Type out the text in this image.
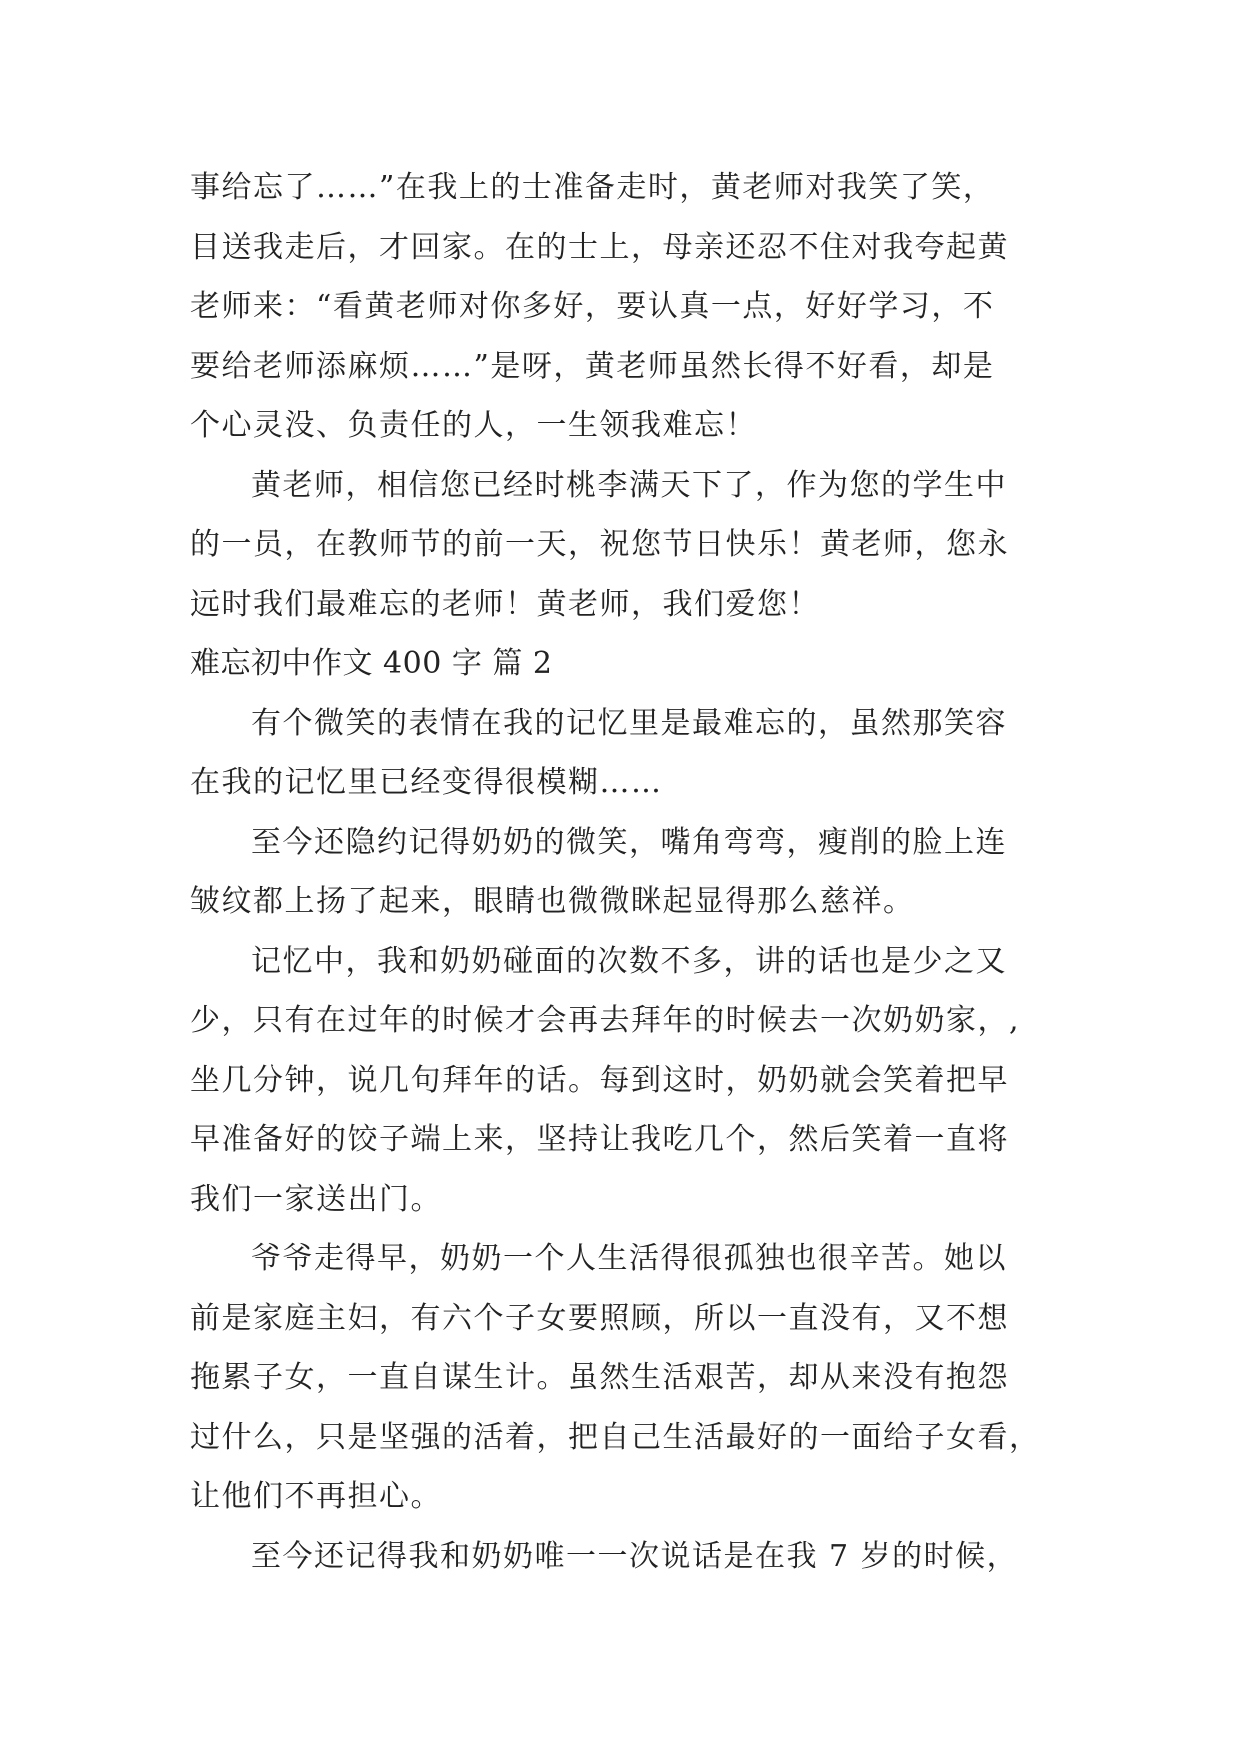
事给忘了……”在我上的士准备走时，黄老师对我笑了笑，
目送我走后，才回家。在的士上，母亲还忍不住对我夸起黄
老师来：“看黄老师对你多好，要认真一点，好好学习，不
要给老师添麻烦……”是呀，黄老师虽然长得不好看，却是
个心灵没、负责任的人，一生领我难忘！
黄老师，相信您已经时桃李满天下了，作为您的学生中
的一员，在教师节的前一天，祝您节日快乐！黄老师，您永
远时我们最难忘的老师！黄老师，我们爱您！
难忘初中作文 400 字 篇 2
有个微笑的表情在我的记忆里是最难忘的，虽然那笑容
在我的记忆里已经变得很模糊……
至今还隐约记得奶奶的微笑，嘴角弯弯，瘦削的脸上连
皱纹都上扬了起来，眼睛也微微眯起显得那么慈祥。
记忆中，我和奶奶碰面的次数不多，讲的话也是少之又
少，只有在过年的时候才会再去拜年的时候去一次奶奶家，,
坐几分钟，说几句拜年的话。每到这时，奶奶就会笑着把早
早准备好的饺子端上来，坚持让我吃几个，然后笑着一直将
我们一家送出门。
爷爷走得早，奶奶一个人生活得很孤独也很辛苦。她以
前是家庭主妇，有六个子女要照顾，所以一直没有，又不想
拖累子女，一直自谋生计。虽然生活艰苦，却从来没有抱怨
过什么，只是坚强的活着，把自己生活最好的一面给子女看，
让他们不再担心。
至今还记得我和奶奶唯一一次说话是在我 7 岁的时候，
